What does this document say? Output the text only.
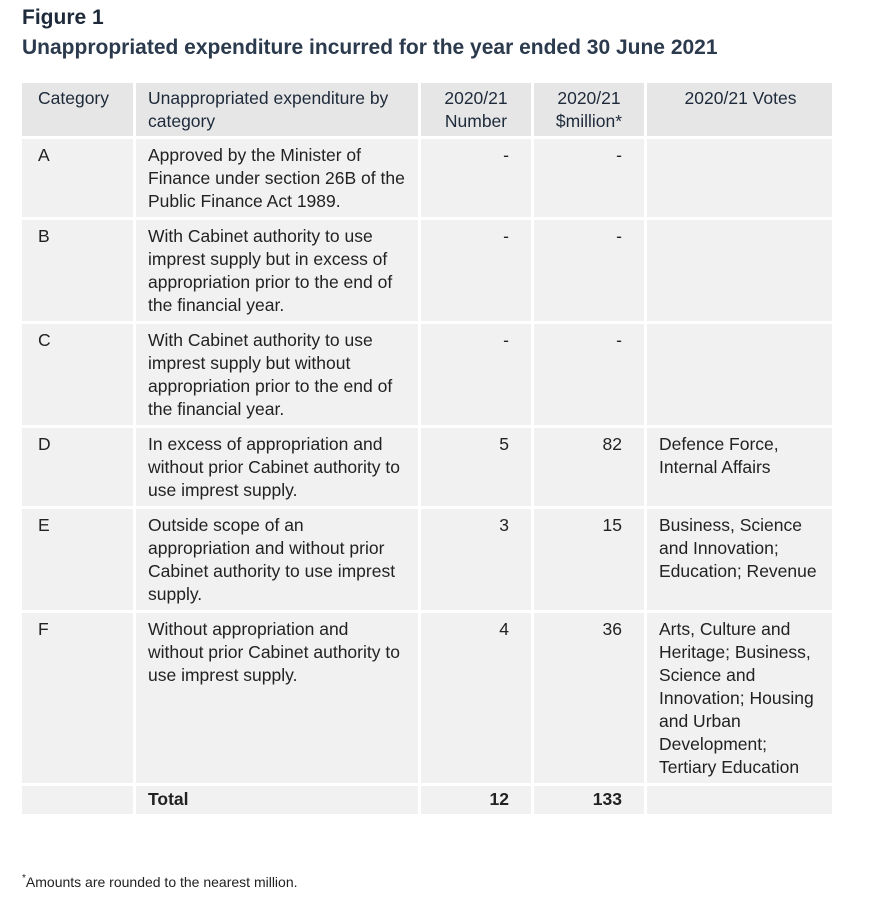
Figure 1
Unappropriated expenditure incurred for the year ended 30 June 2021
Category	Unappropriated expenditure by category	2020/21 Number	2020/21 $million*	2020/21 Votes
A	Approved by the Minister of Finance under section 26B of the Public Finance Act 1989.	-	-	
B	With Cabinet authority to use imprest supply but in excess of appropriation prior to the end of the financial year.	-	-	
C	With Cabinet authority to use imprest supply but without appropriation prior to the end of the financial year.	-	-	
D	In excess of appropriation and without prior Cabinet authority to use imprest supply.	5	82	Defence Force, Internal Affairs
E	Outside scope of an appropriation and without prior Cabinet authority to use imprest supply.	3	15	Business, Science and Innovation; Education; Revenue
F	Without appropriation and without prior Cabinet authority to use imprest supply.	4	36	Arts, Culture and Heritage; Business, Science and Innovation; Housing and Urban Development; Tertiary Education
	Total	12	133	
*Amounts are rounded to the nearest million.
